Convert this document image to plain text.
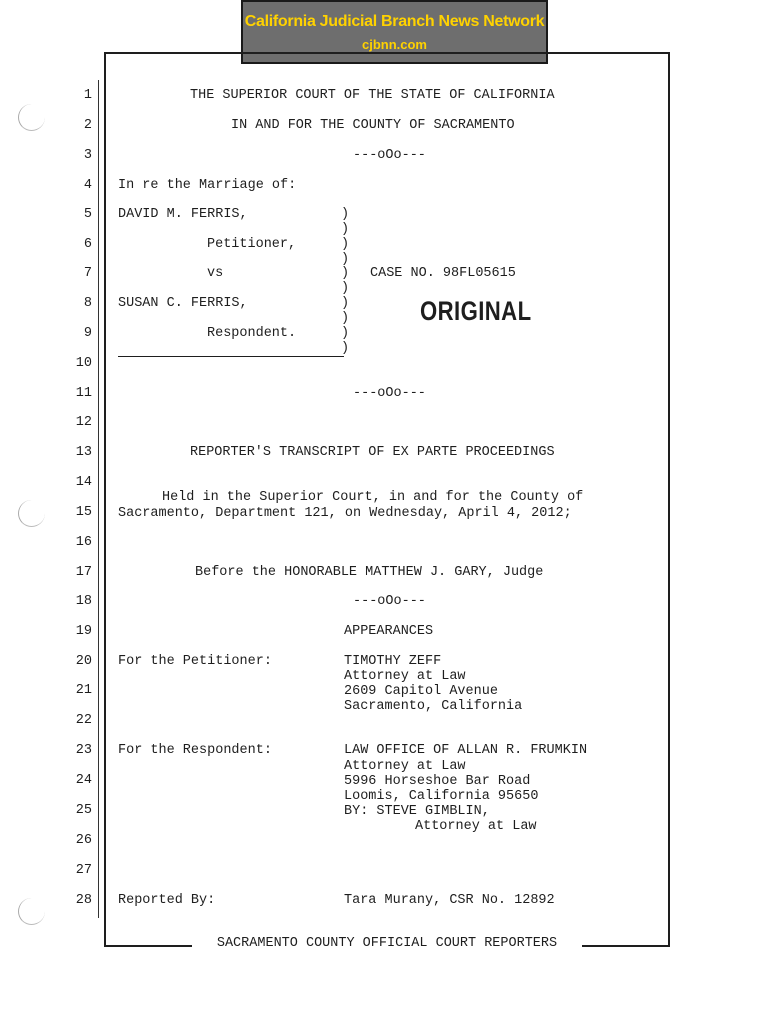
California Judicial Branch News Network
cjbnn.com
1
2
3
4
5
6
7
8
9
10
11
12
13
14
15
16
17
18
19
20
21
22
23
24
25
26
27
28
THE SUPERIOR COURT OF THE STATE OF CALIFORNIA
IN AND FOR THE COUNTY OF SACRAMENTO
---oOo---
In re the Marriage of:
DAVID M. FERRIS,
Petitioner,
vs
SUSAN C. FERRIS,
Respondent.
)
)
)
)
)
)
)
)
)
)
CASE NO. 98FL05615
ORIGINAL
---oOo---
REPORTER'S TRANSCRIPT OF EX PARTE PROCEEDINGS
Held in the Superior Court, in and for the County of
Sacramento, Department 121, on Wednesday, April 4, 2012;
Before the HONORABLE MATTHEW J. GARY, Judge
---oOo---
APPEARANCES
For the Petitioner:	TIMOTHY ZEFF
Attorney at Law
2609 Capitol Avenue
Sacramento, California
For the Respondent:	LAW OFFICE OF ALLAN R. FRUMKIN
Attorney at Law
5996 Horseshoe Bar Road
Loomis, California 95650
BY: STEVE GIMBLIN,
Attorney at Law
Reported By:	Tara Murany, CSR No. 12892
SACRAMENTO COUNTY OFFICIAL COURT REPORTERS
